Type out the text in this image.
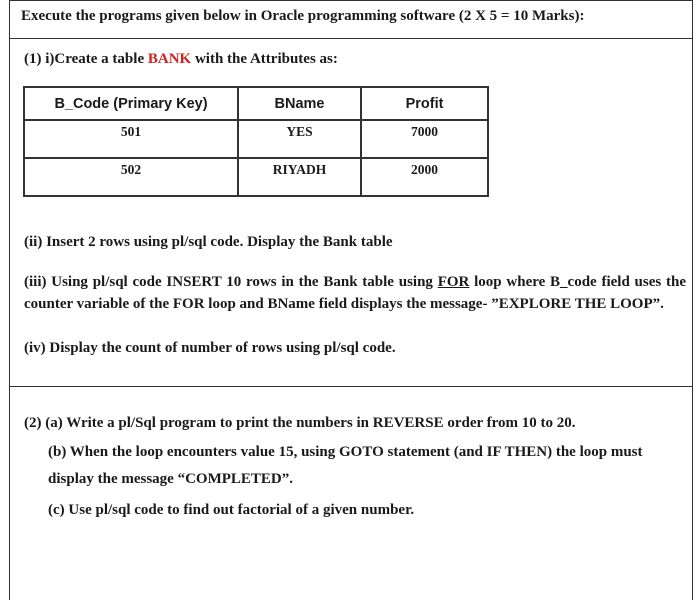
Execute the programs given below in Oracle programming software (2 X 5 = 10 Marks):
(1) i)Create a table BANK with the Attributes as:
B_Code (Primary Key)	BName	Profit
501	YES	7000
502	RIYADH	2000
(ii) Insert 2 rows using pl/sql code. Display the Bank table
(iii) Using pl/sql code INSERT 10 rows in the Bank table using FOR loop where B_code field uses the counter variable of the FOR loop and BName field displays the message- ”EXPLORE THE LOOP”.
(iv) Display the count of number of rows using pl/sql code.
(2) (a) Write a pl/Sql program to print the numbers in REVERSE order from 10 to 20.
(b) When the loop encounters value 15, using GOTO statement (and IF THEN) the loop must display the message “COMPLETED”.
(c) Use pl/sql code to find out factorial of a given number.
